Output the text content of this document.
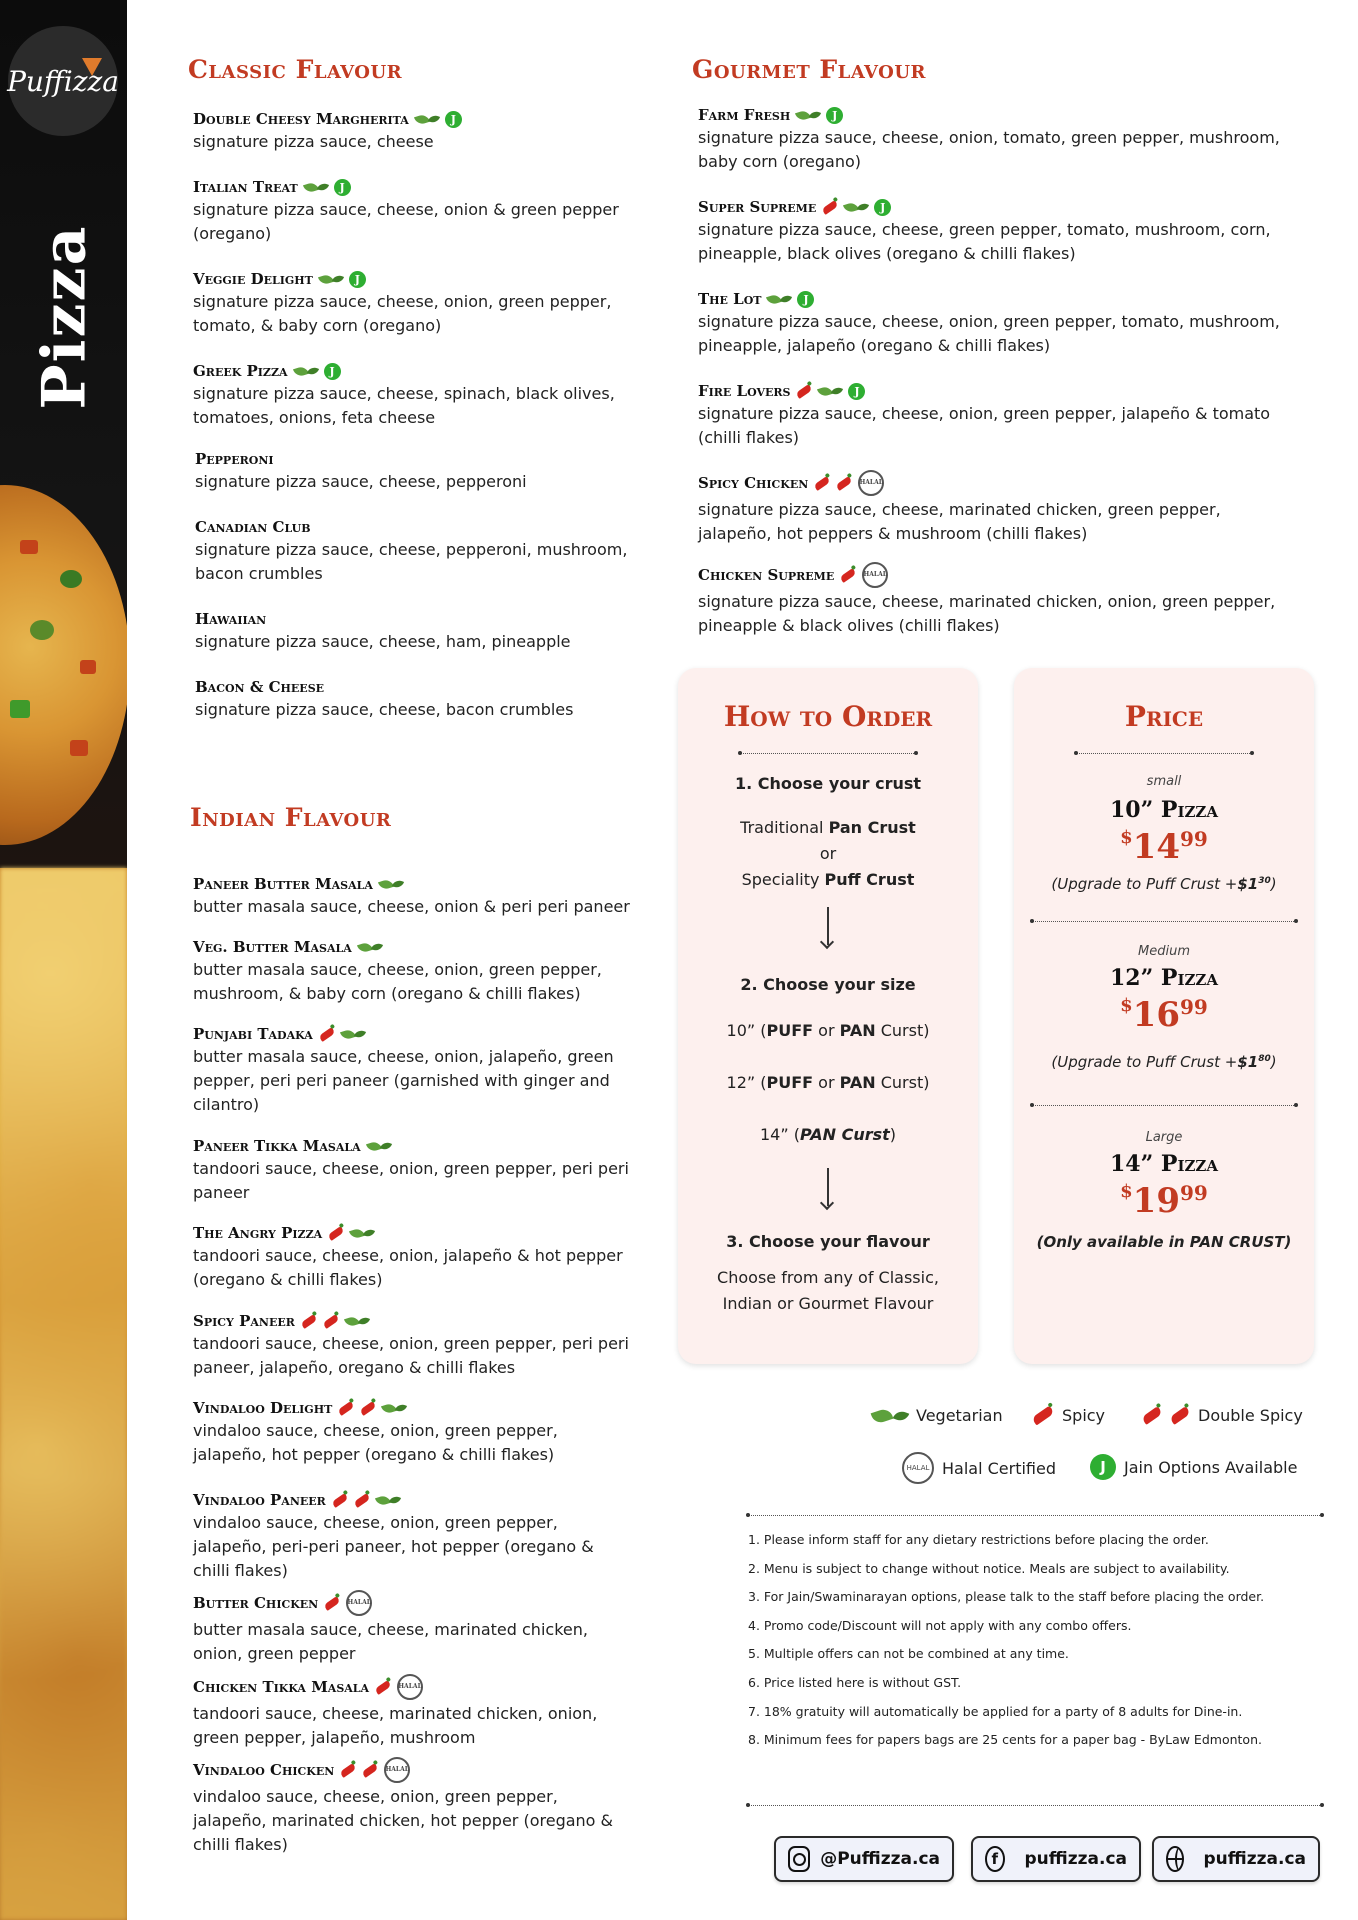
Puffizza
Pizza
Classic Flavour
Double Cheesy Margherita	J
signature pizza sauce, cheese
Italian Treat	J
signature pizza sauce, cheese, onion & green pepper (oregano)
Veggie Delight	J
signature pizza sauce, cheese, onion, green pepper, tomato, & baby corn (oregano)
Greek Pizza	J
signature pizza sauce, cheese, spinach, black olives, tomatoes, onions, feta cheese
Pepperoni
signature pizza sauce, cheese, pepperoni
Canadian Club
signature pizza sauce, cheese, pepperoni, mushroom, bacon crumbles
Hawaiian
signature pizza sauce, cheese, ham, pineapple
Bacon & Cheese
signature pizza sauce, cheese, bacon crumbles
Indian Flavour
Paneer Butter Masala
butter masala sauce, cheese, onion & peri peri paneer
Veg. Butter Masala
butter masala sauce, cheese, onion, green pepper, mushroom, & baby corn (oregano & chilli flakes)
Punjabi Tadaka
butter masala sauce, cheese, onion, jalapeño, green pepper, peri peri paneer (garnished with ginger and cilantro)
Paneer Tikka Masala
tandoori sauce, cheese, onion, green pepper, peri peri paneer
The Angry Pizza
tandoori sauce, cheese, onion, jalapeño & hot pepper (oregano & chilli flakes)
Spicy Paneer
tandoori sauce, cheese, onion, green pepper, peri peri paneer, jalapeño, oregano & chilli flakes
Vindaloo Delight
vindaloo sauce, cheese, onion, green pepper, jalapeño, hot pepper (oregano & chilli flakes)
Vindaloo Paneer
vindaloo sauce, cheese, onion, green pepper, jalapeño, peri-peri paneer, hot pepper (oregano & chilli flakes)
Butter Chicken	HALAL
butter masala sauce, cheese, marinated chicken, onion, green pepper
Chicken Tikka Masala	HALAL
tandoori sauce, cheese, marinated chicken, onion, green pepper, jalapeño, mushroom
Vindaloo Chicken	HALAL
vindaloo sauce, cheese, onion, green pepper, jalapeño, marinated chicken, hot pepper (oregano & chilli flakes)
Gourmet Flavour
Farm Fresh	J
signature pizza sauce, cheese, onion, tomato, green pepper, mushroom, baby corn (oregano)
Super Supreme	J
signature pizza sauce, cheese, green pepper, tomato, mushroom, corn, pineapple, black olives (oregano & chilli flakes)
The Lot	J
signature pizza sauce, cheese, onion, green pepper, tomato, mushroom, pineapple, jalapeño (oregano & chilli flakes)
Fire Lovers	J
signature pizza sauce, cheese, onion, green pepper, jalapeño & tomato (chilli flakes)
Spicy Chicken	HALAL
signature pizza sauce, cheese, marinated chicken, green pepper, jalapeño, hot peppers & mushroom (chilli flakes)
Chicken Supreme	HALAL
signature pizza sauce, cheese, marinated chicken, onion, green pepper, pineapple & black olives (chilli flakes)
How to Order
1. Choose your crust
Traditional Pan Crust
or
Speciality Puff Crust
2. Choose your size
10” (PUFF or PAN Curst)
12” (PUFF or PAN Curst)
14” (PAN Curst)
3. Choose your flavour
Choose from any of Classic, Indian or Gourmet Flavour
Price
small
10” Pizza
$1499
(Upgrade to Puff Crust $+\$1^{30}$)
Medium
12” Pizza
$1699
(Upgrade to Puff Crust $+\$1^{80}$)
Large
14” Pizza
$1999
(Only available in PAN CRUST)
Vegetarian	Spicy	Double Spicy
HALAL Halal Certified	J	Jain Options Available
1. Please inform staff for any dietary restrictions before placing the order.
2. Menu is subject to change without notice. Meals are subject to availability.
3. For Jain/Swaminarayan options, please talk to the staff before placing the order.
4. Promo code/Discount will not apply with any combo offers.
5. Multiple offers can not be combined at any time.
6. Price listed here is without GST.
7. 18% gratuity will automatically be applied for a party of 8 adults for Dine-in.
8. Minimum fees for papers bags are 25 cents for a paper bag - ByLaw Edmonton.
@Puffizza.ca	f	puffizza.ca	puffizza.ca
